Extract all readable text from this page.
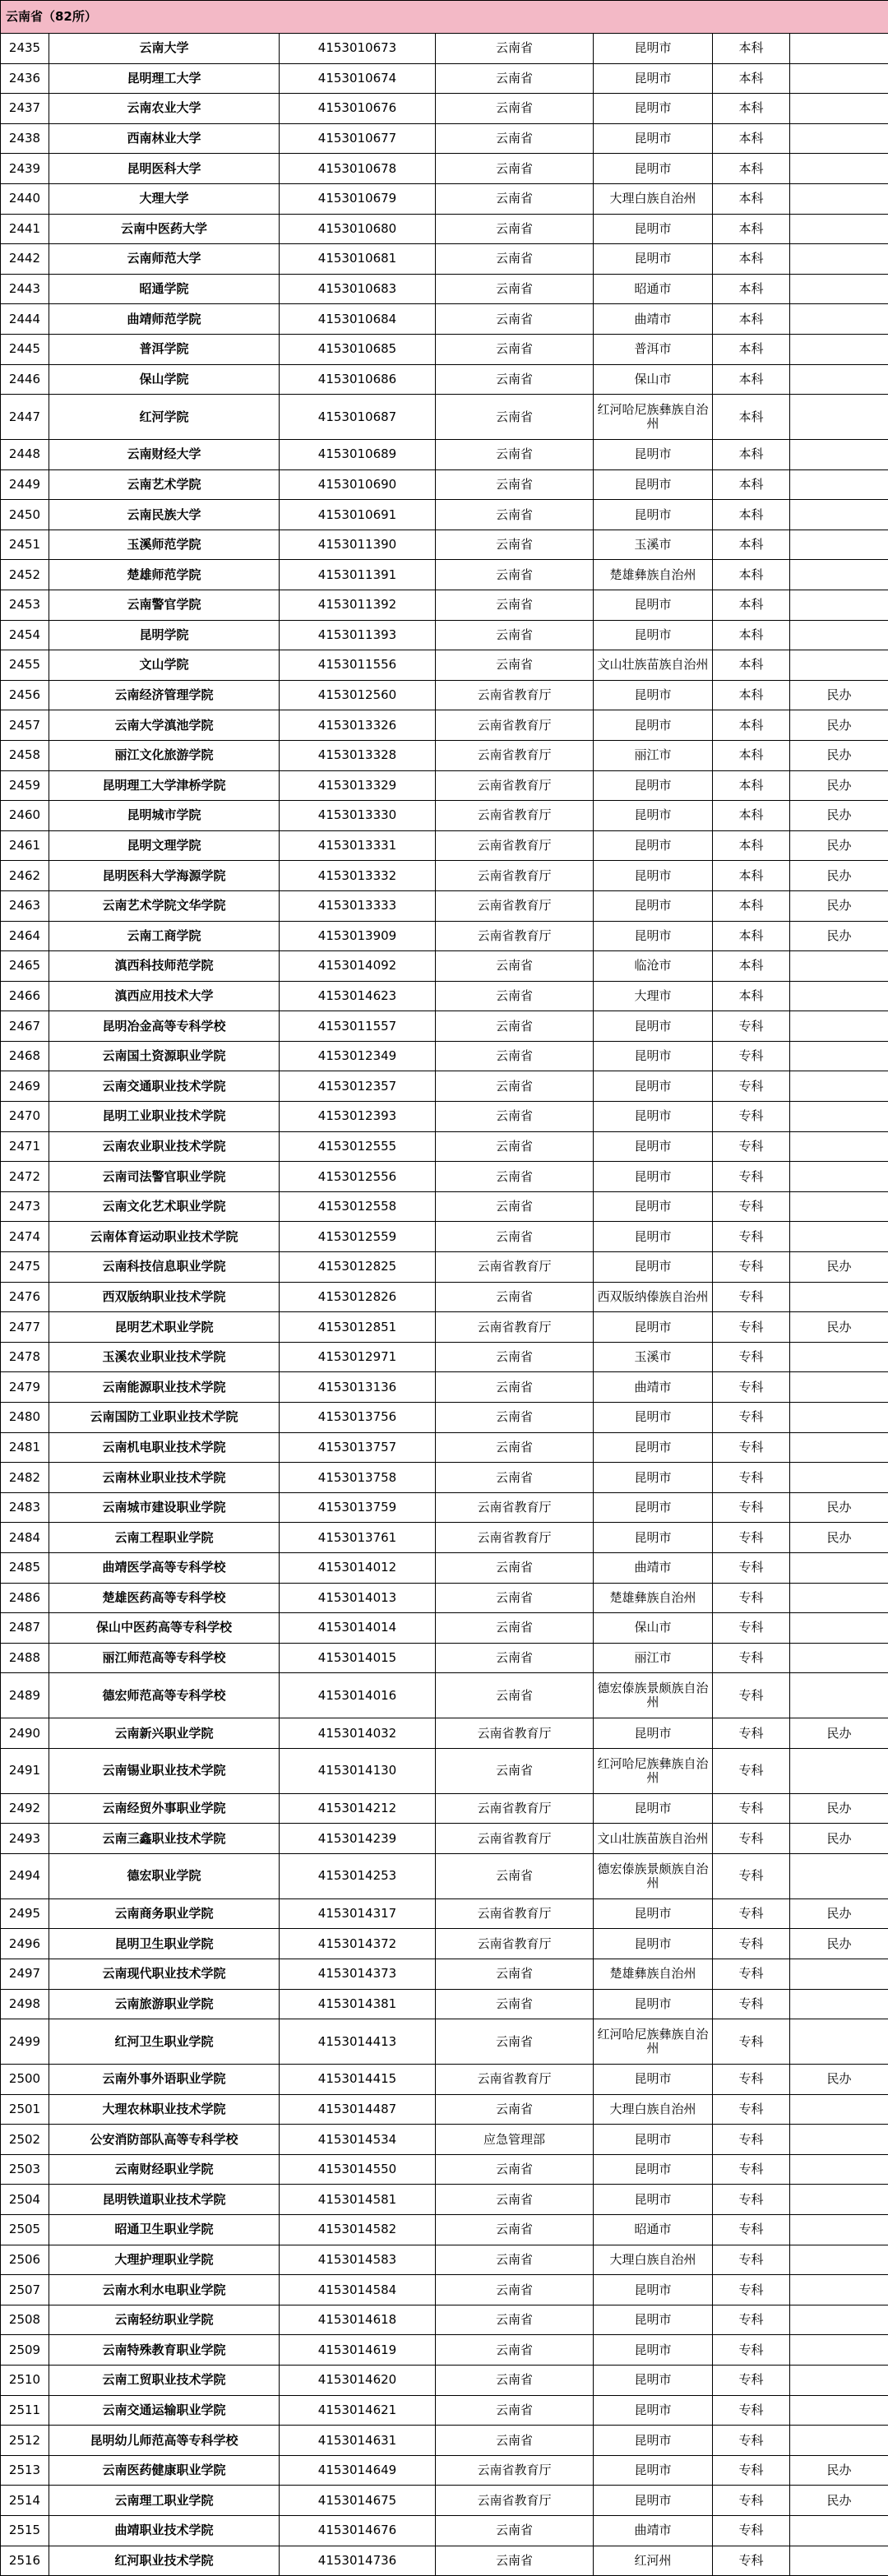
云南省（82所）						
2435	云南大学	4153010673	云南省	昆明市	本科	
2436	昆明理工大学	4153010674	云南省	昆明市	本科	
2437	云南农业大学	4153010676	云南省	昆明市	本科	
2438	西南林业大学	4153010677	云南省	昆明市	本科	
2439	昆明医科大学	4153010678	云南省	昆明市	本科	
2440	大理大学	4153010679	云南省	大理白族自治州	本科	
2441	云南中医药大学	4153010680	云南省	昆明市	本科	
2442	云南师范大学	4153010681	云南省	昆明市	本科	
2443	昭通学院	4153010683	云南省	昭通市	本科	
2444	曲靖师范学院	4153010684	云南省	曲靖市	本科	
2445	普洱学院	4153010685	云南省	普洱市	本科	
2446	保山学院	4153010686	云南省	保山市	本科	
2447	红河学院	4153010687	云南省	红河哈尼族彝族自治州	本科	
2448	云南财经大学	4153010689	云南省	昆明市	本科	
2449	云南艺术学院	4153010690	云南省	昆明市	本科	
2450	云南民族大学	4153010691	云南省	昆明市	本科	
2451	玉溪师范学院	4153011390	云南省	玉溪市	本科	
2452	楚雄师范学院	4153011391	云南省	楚雄彝族自治州	本科	
2453	云南警官学院	4153011392	云南省	昆明市	本科	
2454	昆明学院	4153011393	云南省	昆明市	本科	
2455	文山学院	4153011556	云南省	文山壮族苗族自治州	本科	
2456	云南经济管理学院	4153012560	云南省教育厅	昆明市	本科	民办
2457	云南大学滇池学院	4153013326	云南省教育厅	昆明市	本科	民办
2458	丽江文化旅游学院	4153013328	云南省教育厅	丽江市	本科	民办
2459	昆明理工大学津桥学院	4153013329	云南省教育厅	昆明市	本科	民办
2460	昆明城市学院	4153013330	云南省教育厅	昆明市	本科	民办
2461	昆明文理学院	4153013331	云南省教育厅	昆明市	本科	民办
2462	昆明医科大学海源学院	4153013332	云南省教育厅	昆明市	本科	民办
2463	云南艺术学院文华学院	4153013333	云南省教育厅	昆明市	本科	民办
2464	云南工商学院	4153013909	云南省教育厅	昆明市	本科	民办
2465	滇西科技师范学院	4153014092	云南省	临沧市	本科	
2466	滇西应用技术大学	4153014623	云南省	大理市	本科	
2467	昆明冶金高等专科学校	4153011557	云南省	昆明市	专科	
2468	云南国土资源职业学院	4153012349	云南省	昆明市	专科	
2469	云南交通职业技术学院	4153012357	云南省	昆明市	专科	
2470	昆明工业职业技术学院	4153012393	云南省	昆明市	专科	
2471	云南农业职业技术学院	4153012555	云南省	昆明市	专科	
2472	云南司法警官职业学院	4153012556	云南省	昆明市	专科	
2473	云南文化艺术职业学院	4153012558	云南省	昆明市	专科	
2474	云南体育运动职业技术学院	4153012559	云南省	昆明市	专科	
2475	云南科技信息职业学院	4153012825	云南省教育厅	昆明市	专科	民办
2476	西双版纳职业技术学院	4153012826	云南省	西双版纳傣族自治州	专科	
2477	昆明艺术职业学院	4153012851	云南省教育厅	昆明市	专科	民办
2478	玉溪农业职业技术学院	4153012971	云南省	玉溪市	专科	
2479	云南能源职业技术学院	4153013136	云南省	曲靖市	专科	
2480	云南国防工业职业技术学院	4153013756	云南省	昆明市	专科	
2481	云南机电职业技术学院	4153013757	云南省	昆明市	专科	
2482	云南林业职业技术学院	4153013758	云南省	昆明市	专科	
2483	云南城市建设职业学院	4153013759	云南省教育厅	昆明市	专科	民办
2484	云南工程职业学院	4153013761	云南省教育厅	昆明市	专科	民办
2485	曲靖医学高等专科学校	4153014012	云南省	曲靖市	专科	
2486	楚雄医药高等专科学校	4153014013	云南省	楚雄彝族自治州	专科	
2487	保山中医药高等专科学校	4153014014	云南省	保山市	专科	
2488	丽江师范高等专科学校	4153014015	云南省	丽江市	专科	
2489	德宏师范高等专科学校	4153014016	云南省	德宏傣族景颇族自治州	专科	
2490	云南新兴职业学院	4153014032	云南省教育厅	昆明市	专科	民办
2491	云南锡业职业技术学院	4153014130	云南省	红河哈尼族彝族自治州	专科	
2492	云南经贸外事职业学院	4153014212	云南省教育厅	昆明市	专科	民办
2493	云南三鑫职业技术学院	4153014239	云南省教育厅	文山壮族苗族自治州	专科	民办
2494	德宏职业学院	4153014253	云南省	德宏傣族景颇族自治州	专科	
2495	云南商务职业学院	4153014317	云南省教育厅	昆明市	专科	民办
2496	昆明卫生职业学院	4153014372	云南省教育厅	昆明市	专科	民办
2497	云南现代职业技术学院	4153014373	云南省	楚雄彝族自治州	专科	
2498	云南旅游职业学院	4153014381	云南省	昆明市	专科	
2499	红河卫生职业学院	4153014413	云南省	红河哈尼族彝族自治州	专科	
2500	云南外事外语职业学院	4153014415	云南省教育厅	昆明市	专科	民办
2501	大理农林职业技术学院	4153014487	云南省	大理白族自治州	专科	
2502	公安消防部队高等专科学校	4153014534	应急管理部	昆明市	专科	
2503	云南财经职业学院	4153014550	云南省	昆明市	专科	
2504	昆明铁道职业技术学院	4153014581	云南省	昆明市	专科	
2505	昭通卫生职业学院	4153014582	云南省	昭通市	专科	
2506	大理护理职业学院	4153014583	云南省	大理白族自治州	专科	
2507	云南水利水电职业学院	4153014584	云南省	昆明市	专科	
2508	云南轻纺职业学院	4153014618	云南省	昆明市	专科	
2509	云南特殊教育职业学院	4153014619	云南省	昆明市	专科	
2510	云南工贸职业技术学院	4153014620	云南省	昆明市	专科	
2511	云南交通运输职业学院	4153014621	云南省	昆明市	专科	
2512	昆明幼儿师范高等专科学校	4153014631	云南省	昆明市	专科	
2513	云南医药健康职业学院	4153014649	云南省教育厅	昆明市	专科	民办
2514	云南理工职业学院	4153014675	云南省教育厅	昆明市	专科	民办
2515	曲靖职业技术学院	4153014676	云南省	曲靖市	专科	
2516	红河职业技术学院	4153014736	云南省	红河州	专科	
